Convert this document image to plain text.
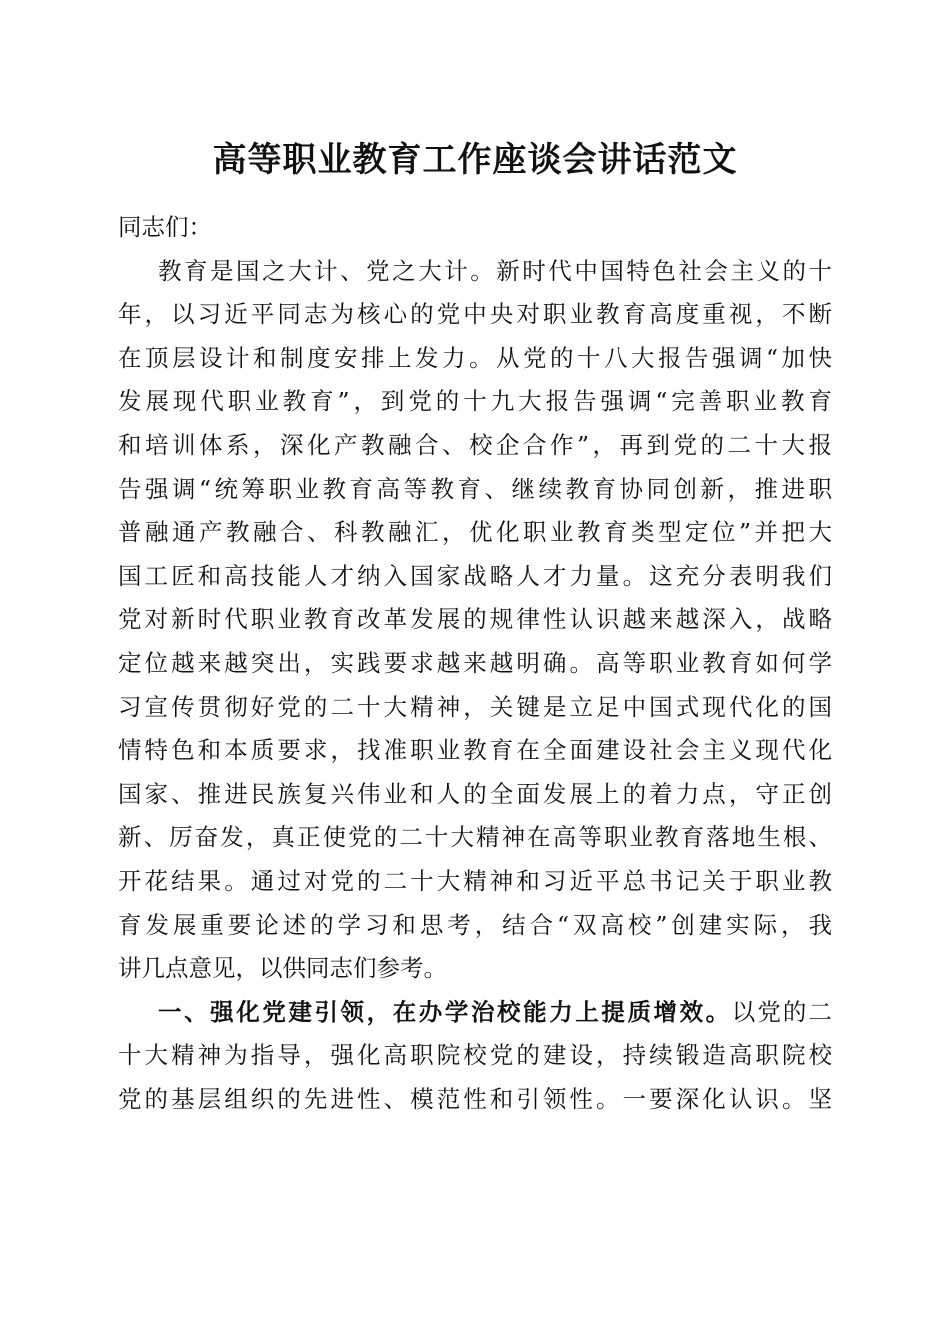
高等职业教育工作座谈会讲话范文
同志们：
教育是国之大计、党之大计。新时代中国特色社会主义的十
年，以习近平同志为核心的党中央对职业教育高度重视，不断
在顶层设计和制度安排上发力。从党的十八大报告强调“加快
发展现代职业教育”，到党的十九大报告强调“完善职业教育
和培训体系，深化产教融合、校企合作”，再到党的二十大报
告强调“统筹职业教育高等教育、继续教育协同创新，推进职
普融通产教融合、科教融汇，优化职业教育类型定位”并把大
国工匠和高技能人才纳入国家战略人才力量。这充分表明我们
党对新时代职业教育改革发展的规律性认识越来越深入，战略
定位越来越突出，实践要求越来越明确。高等职业教育如何学
习宣传贯彻好党的二十大精神，关键是立足中国式现代化的国
情特色和本质要求，找准职业教育在全面建设社会主义现代化
国家、推进民族复兴伟业和人的全面发展上的着力点，守正创
新、厉奋发，真正使党的二十大精神在高等职业教育落地生根、
开花结果。通过对党的二十大精神和习近平总书记关于职业教
育发展重要论述的学习和思考，结合“双高校”创建实际，我
讲几点意见，以供同志们参考。
一、强化党建引领，在办学治校能力上提质增效。以党的二
十大精神为指导，强化高职院校党的建设，持续锻造高职院校
党的基层组织的先进性、模范性和引领性。一要深化认识。坚
